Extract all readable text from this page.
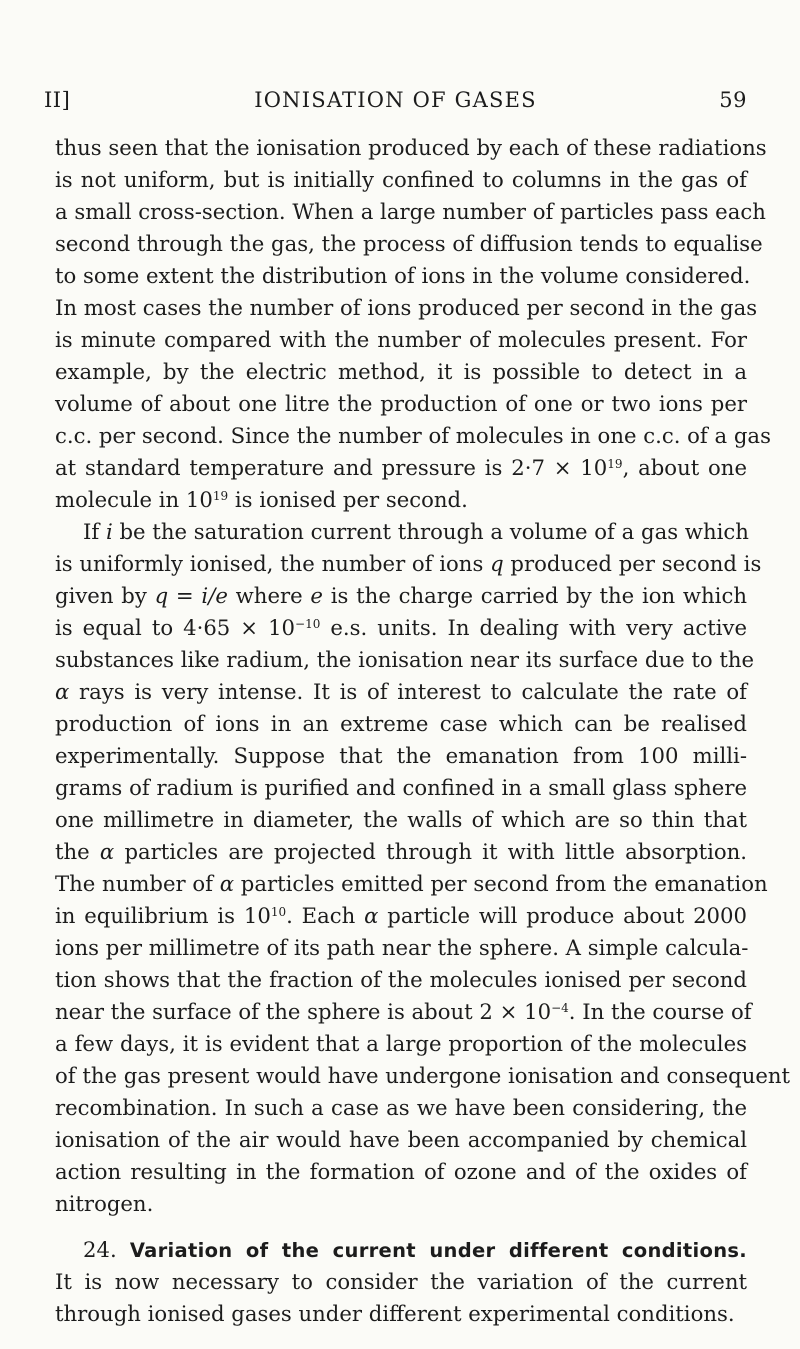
II]	IONISATION OF GASES	59
thus seen that the ionisation produced by each of these radiations
is not uniform, but is initially confined to columns in the gas of
a small cross-section. When a large number of particles pass each
second through the gas, the process of diffusion tends to equalise
to some extent the distribution of ions in the volume considered.
In most cases the number of ions produced per second in the gas
is minute compared with the number of molecules present. For
example, by the electric method, it is possible to detect in a
volume of about one litre the production of one or two ions per
c.c. per second. Since the number of molecules in one c.c. of a gas
at standard temperature and pressure is $2\cdot 7 \times 10^{19}$, about one
molecule in $10^{19}$ is ionised per second.
If i be the saturation current through a volume of a gas which
is uniformly ionised, the number of ions q produced per second is
given by q = i/e where e is the charge carried by the ion which
is equal to $4\cdot 65 \times 10^{-10}$ e.s. units. In dealing with very active
substances like radium, the ionisation near its surface due to the
α rays is very intense. It is of interest to calculate the rate of
production of ions in an extreme case which can be realised
experimentally. Suppose that the emanation from 100 milli-
grams of radium is purified and confined in a small glass sphere
one millimetre in diameter, the walls of which are so thin that
the α particles are projected through it with little absorption.
The number of α particles emitted per second from the emanation
in equilibrium is $10^{10}$. Each α particle will produce about 2000
ions per millimetre of its path near the sphere. A simple calcula-
tion shows that the fraction of the molecules ionised per second
near the surface of the sphere is about $2 \times 10^{-4}$. In the course of
a few days, it is evident that a large proportion of the molecules
of the gas present would have undergone ionisation and consequent
recombination. In such a case as we have been considering, the
ionisation of the air would have been accompanied by chemical
action resulting in the formation of ozone and of the oxides of
nitrogen.
24. Variation of the current under different conditions.
It is now necessary to consider the variation of the current
through ionised gases under different experimental conditions.
